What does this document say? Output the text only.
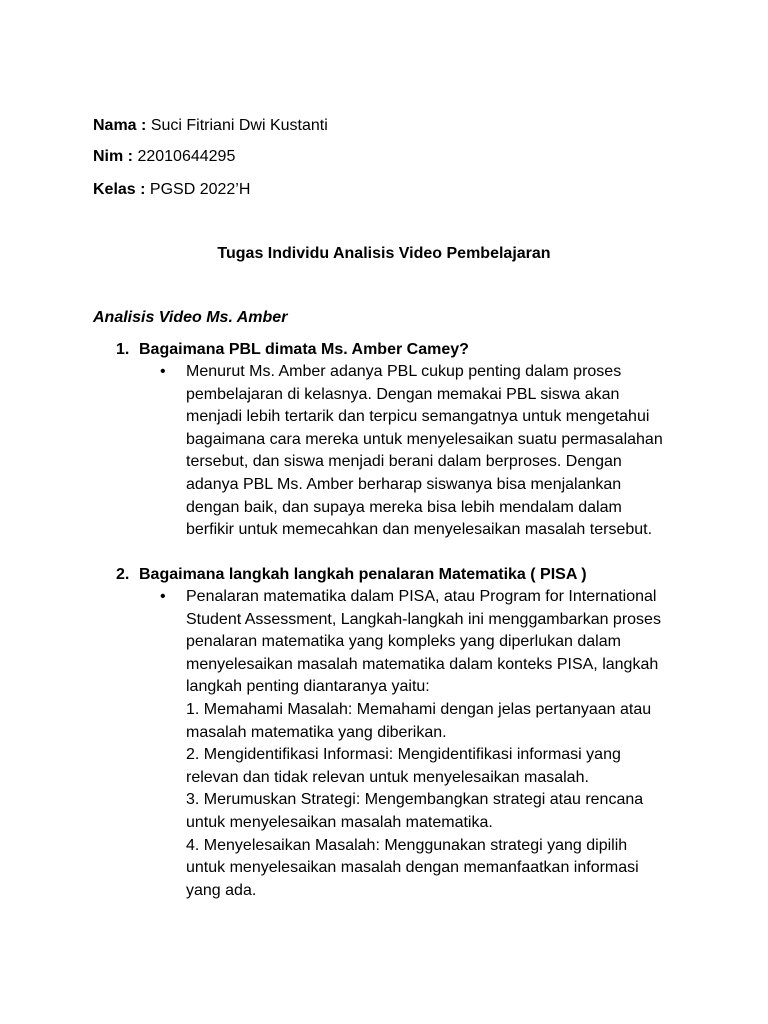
Nama : Suci Fitriani Dwi Kustanti
Nim : 22010644295
Kelas : PGSD 2022’H
Tugas Individu Analisis Video Pembelajaran
Analisis Video Ms. Amber
1. Bagaimana PBL dimata Ms. Amber Camey?
• Menurut Ms. Amber adanya PBL cukup penting dalam proses
pembelajaran di kelasnya. Dengan memakai PBL siswa akan
menjadi lebih tertarik dan terpicu semangatnya untuk mengetahui
bagaimana cara mereka untuk menyelesaikan suatu permasalahan
tersebut, dan siswa menjadi berani dalam berproses. Dengan
adanya PBL Ms. Amber berharap siswanya bisa menjalankan
dengan baik, dan supaya mereka bisa lebih mendalam dalam
berfikir untuk memecahkan dan menyelesaikan masalah tersebut.
2. Bagaimana langkah langkah penalaran Matematika ( PISA )
• Penalaran matematika dalam PISA, atau Program for International
Student Assessment, Langkah-langkah ini menggambarkan proses
penalaran matematika yang kompleks yang diperlukan dalam
menyelesaikan masalah matematika dalam konteks PISA, langkah
langkah penting diantaranya yaitu:
1. Memahami Masalah: Memahami dengan jelas pertanyaan atau
masalah matematika yang diberikan.
2. Mengidentifikasi Informasi: Mengidentifikasi informasi yang
relevan dan tidak relevan untuk menyelesaikan masalah.
3. Merumuskan Strategi: Mengembangkan strategi atau rencana
untuk menyelesaikan masalah matematika.
4. Menyelesaikan Masalah: Menggunakan strategi yang dipilih
untuk menyelesaikan masalah dengan memanfaatkan informasi
yang ada.
